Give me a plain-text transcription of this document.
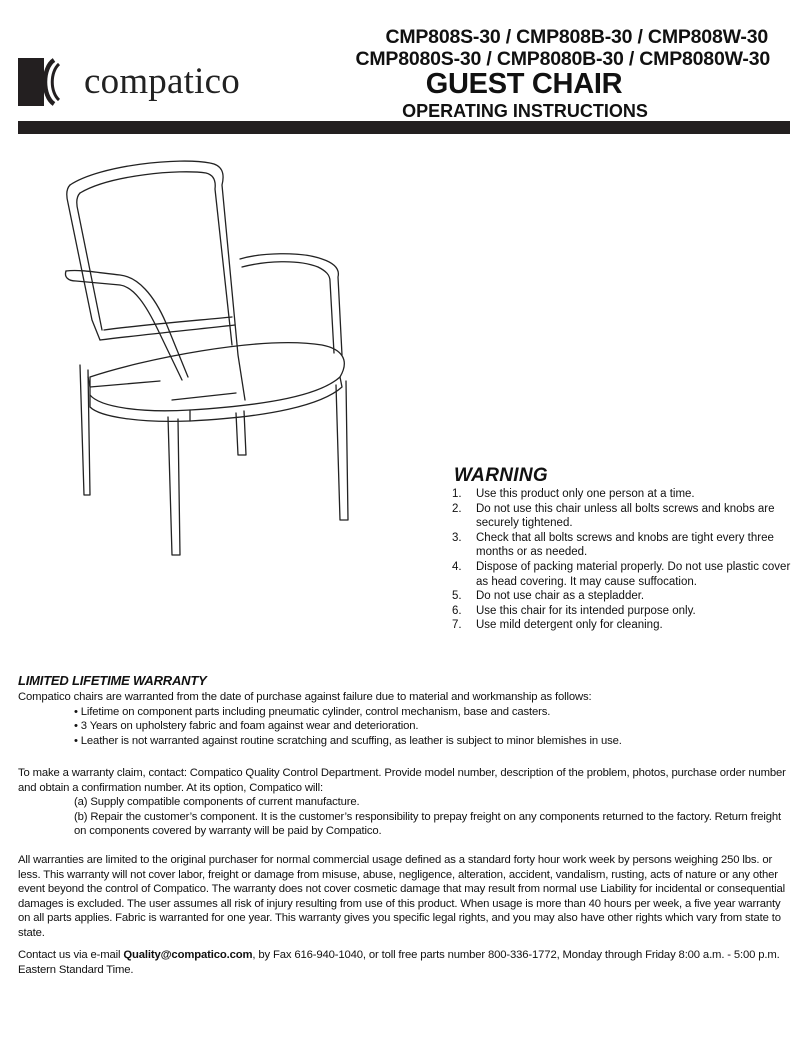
compatico
CMP808S-30 / CMP808B-30 / CMP808W-30
CMP8080S-30 / CMP8080B-30 / CMP8080W-30
GUEST CHAIR
OPERATING INSTRUCTIONS
WARNING
1.	Use this product only one person at a time.
2.	Do not use this chair unless all bolts screws and knobs are securely tightened.
3.	Check that all bolts screws and knobs are tight every three months or as needed.
4.	Dispose of packing material properly. Do not use plastic cover as head covering. It may cause suffocation.
5.	Do not use chair as a stepladder.
6.	Use this chair for its intended purpose only.
7.	Use mild detergent only for cleaning.
LIMITED LIFETIME WARRANTY

Compatico chairs are warranted from the date of purchase against failure due to material and workmanship as follows:

• Lifetime on component parts including pneumatic cylinder, control mechanism, base and casters.

• 3 Years on upholstery fabric and foam against wear and deterioration.

• Leather is not warranted against routine scratching and scuffing, as leather is subject to minor blemishes in use.

To make a warranty claim, contact: Compatico Quality Control Department. Provide model number, description of the problem, photos, purchase order number and obtain a confirmation number. At its option, Compatico will:

(a) Supply compatible components of current manufacture.

(b) Repair the customer’s component. It is the customer’s responsibility to prepay freight on any components returned to the factory. Return freight on components covered by warranty will be paid by Compatico.

All warranties are limited to the original purchaser for normal commercial usage defined as a standard forty hour work week by persons weighing 250 lbs. or less. This warranty will not cover labor, freight or damage from misuse, abuse, negligence, alteration, accident, vandalism, rusting, acts of nature or any other event beyond the control of Compatico. The warranty does not cover cosmetic damage that may result from normal use Liability for incidental or consequential damages is excluded. The user assumes all risk of injury resulting from use of this product. When usage is more than 40 hours per week, a five year warranty on all parts applies. Fabric is warranted for one year. This warranty gives you specific legal rights, and you may also have other rights which vary from state to state.

Contact us via e-mail Quality@compatico.com, by Fax 616-940-1040, or toll free parts number 800-336-1772, Monday through Friday 8:00 a.m. - 5:00 p.m. Eastern Standard Time.
